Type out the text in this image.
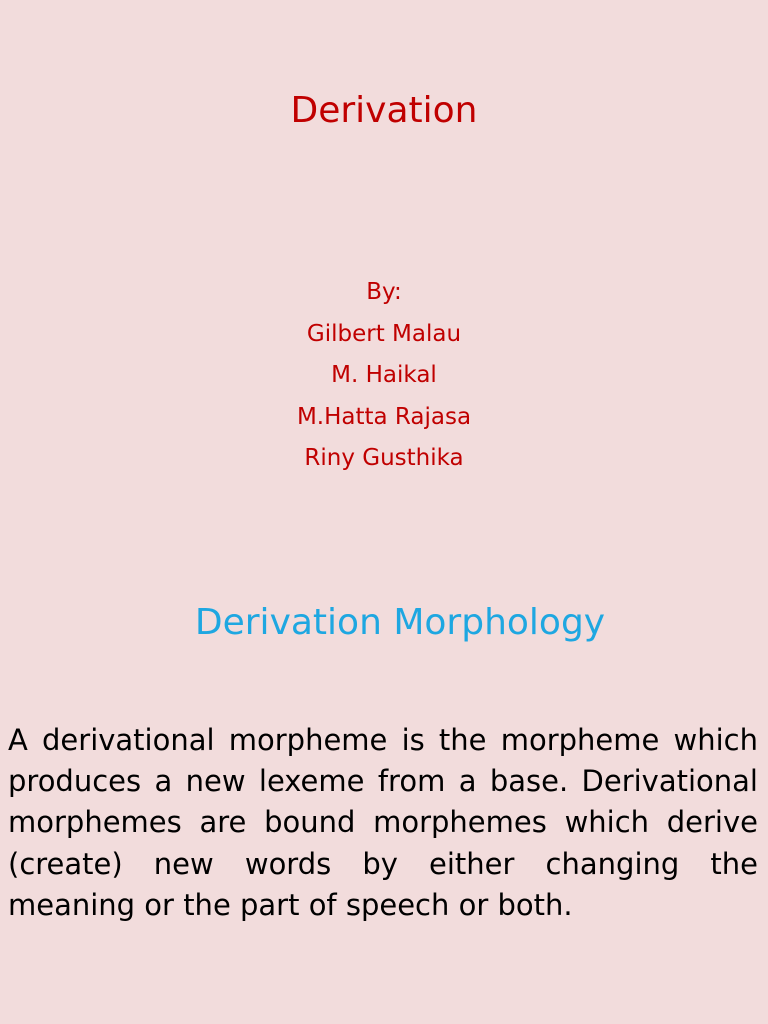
Derivation
By:
Gilbert Malau
M. Haikal
M.Hatta Rajasa
Riny Gusthika
Derivation Morphology
A derivational morpheme is the morpheme which produces a new lexeme from a base. Derivational morphemes are bound morphemes which derive (create) new words by either changing the meaning or the part of speech or both.
